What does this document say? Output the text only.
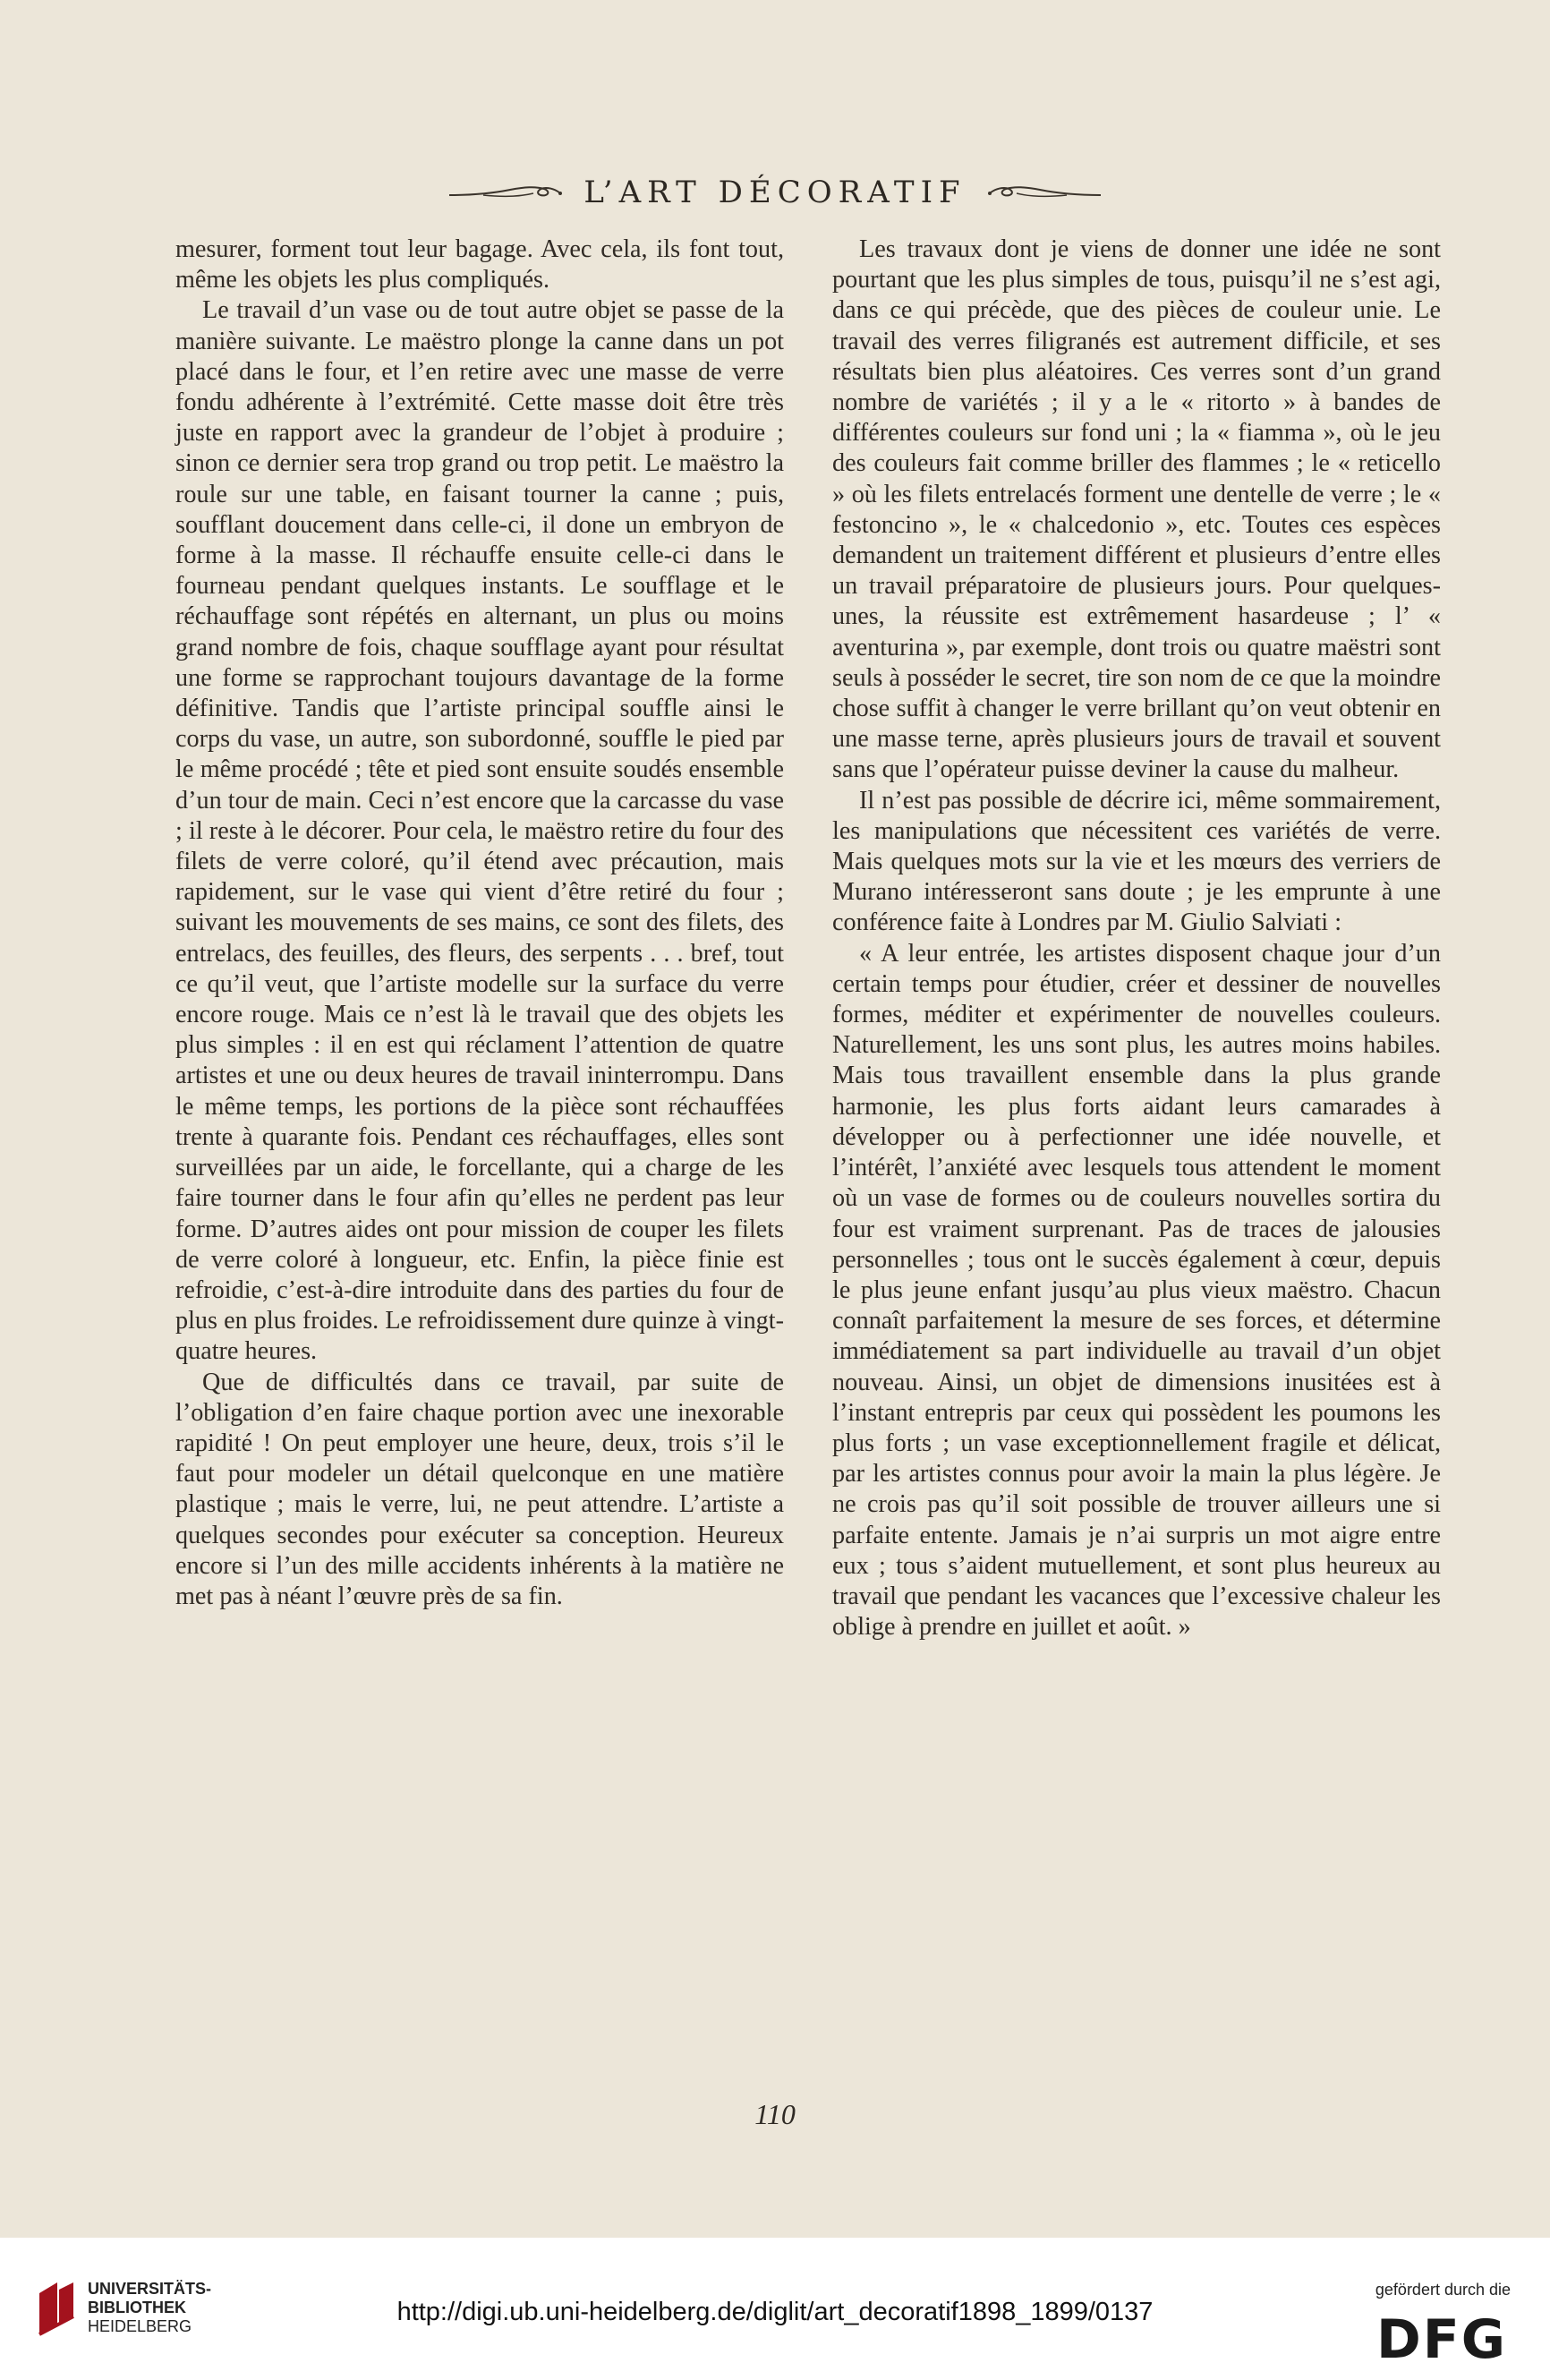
L’ART DÉCORATIF

mesurer, forment tout leur bagage. Avec cela, ils font tout, même les objets les plus compliqués.

Le travail d’un vase ou de tout autre objet se passe de la manière suivante. Le maëstro plonge la canne dans un pot placé dans le four, et l’en retire avec une masse de verre fondu adhérente à l’extrémité. Cette masse doit être très juste en rapport avec la grandeur de l’objet à produire ; sinon ce dernier sera trop grand ou trop petit. Le maëstro la roule sur une table, en faisant tourner la canne ; puis, soufflant doucement dans celle-ci, il done un embryon de forme à la masse. Il réchauffe ensuite celle-ci dans le fourneau pendant quelques instants. Le soufflage et le réchauffage sont répétés en alternant, un plus ou moins grand nombre de fois, chaque soufflage ayant pour résultat une forme se rapprochant toujours davantage de la forme définitive. Tandis que l’artiste principal souffle ainsi le corps du vase, un autre, son subordonné, souffle le pied par le même procédé ; tête et pied sont ensuite soudés ensemble d’un tour de main. Ceci n’est encore que la carcasse du vase ; il reste à le décorer. Pour cela, le maëstro retire du four des filets de verre coloré, qu’il étend avec précaution, mais rapidement, sur le vase qui vient d’être retiré du four ; suivant les mouvements de ses mains, ce sont des filets, des entrelacs, des feuilles, des fleurs, des serpents . . . bref, tout ce qu’il veut, que l’artiste modelle sur la surface du verre encore rouge. Mais ce n’est là le travail que des objets les plus simples : il en est qui réclament l’attention de quatre artistes et une ou deux heures de travail ininterrompu. Dans le même temps, les portions de la pièce sont réchauffées trente à quarante fois. Pendant ces réchauffages, elles sont surveillées par un aide, le forcellante, qui a charge de les faire tourner dans le four afin qu’elles ne perdent pas leur forme. D’autres aides ont pour mission de couper les filets de verre coloré à longueur, etc. Enfin, la pièce finie est refroidie, c’est-à-dire introduite dans des parties du four de plus en plus froides. Le refroidissement dure quinze à vingt-quatre heures.

Que de difficultés dans ce travail, par suite de l’obligation d’en faire chaque portion avec une inexorable rapidité ! On peut employer une heure, deux, trois s’il le faut pour modeler un détail quelconque en une matière plastique ; mais le verre, lui, ne peut attendre. L’artiste a quelques secondes pour exécuter sa conception. Heureux encore si l’un des mille accidents inhérents à la matière ne met pas à néant l’œuvre près de sa fin.

Les travaux dont je viens de donner une idée ne sont pourtant que les plus simples de tous, puisqu’il ne s’est agi, dans ce qui précède, que des pièces de couleur unie. Le travail des verres filigranés est autrement difficile, et ses résultats bien plus aléatoires. Ces verres sont d’un grand nombre de variétés ; il y a le « ritorto » à bandes de différentes couleurs sur fond uni ; la « fiamma », où le jeu des couleurs fait comme briller des flammes ; le « reticello » où les filets entrelacés forment une dentelle de verre ; le « festoncino », le « chalcedonio », etc. Toutes ces espèces demandent un traitement différent et plusieurs d’entre elles un travail préparatoire de plusieurs jours. Pour quelques-unes, la réussite est extrêmement hasardeuse ; l’ « aventurina », par exemple, dont trois ou quatre maëstri sont seuls à posséder le secret, tire son nom de ce que la moindre chose suffit à changer le verre brillant qu’on veut obtenir en une masse terne, après plusieurs jours de travail et souvent sans que l’opérateur puisse deviner la cause du malheur.

Il n’est pas possible de décrire ici, même sommairement, les manipulations que nécessitent ces variétés de verre. Mais quelques mots sur la vie et les mœurs des verriers de Murano intéresseront sans doute ; je les emprunte à une conférence faite à Londres par M. Giulio Salviati :

« A leur entrée, les artistes disposent chaque jour d’un certain temps pour étudier, créer et dessiner de nouvelles formes, méditer et expérimenter de nouvelles couleurs. Naturellement, les uns sont plus, les autres moins habiles. Mais tous travaillent ensemble dans la plus grande harmonie, les plus forts aidant leurs camarades à développer ou à perfectionner une idée nouvelle, et l’intérêt, l’anxiété avec lesquels tous attendent le moment où un vase de formes ou de couleurs nouvelles sortira du four est vraiment surprenant. Pas de traces de jalousies personnelles ; tous ont le succès également à cœur, depuis le plus jeune enfant jusqu’au plus vieux maëstro. Chacun connaît parfaitement la mesure de ses forces, et détermine immédiatement sa part individuelle au travail d’un objet nouveau. Ainsi, un objet de dimensions inusitées est à l’instant entrepris par ceux qui possèdent les poumons les plus forts ; un vase exceptionnellement fragile et délicat, par les artistes connus pour avoir la main la plus légère. Je ne crois pas qu’il soit possible de trouver ailleurs une si parfaite entente. Jamais je n’ai surpris un mot aigre entre eux ; tous s’aident mutuellement, et sont plus heureux au travail que pendant les vacances que l’excessive chaleur les oblige à prendre en juillet et août. »

110
UNIVERSITÄTS-
BIBLIOTHEK
HEIDELBERG	http://digi.ub.uni-heidelberg.de/diglit/art_decoratif1898_1899/0137
gefördert durch die
DFG
